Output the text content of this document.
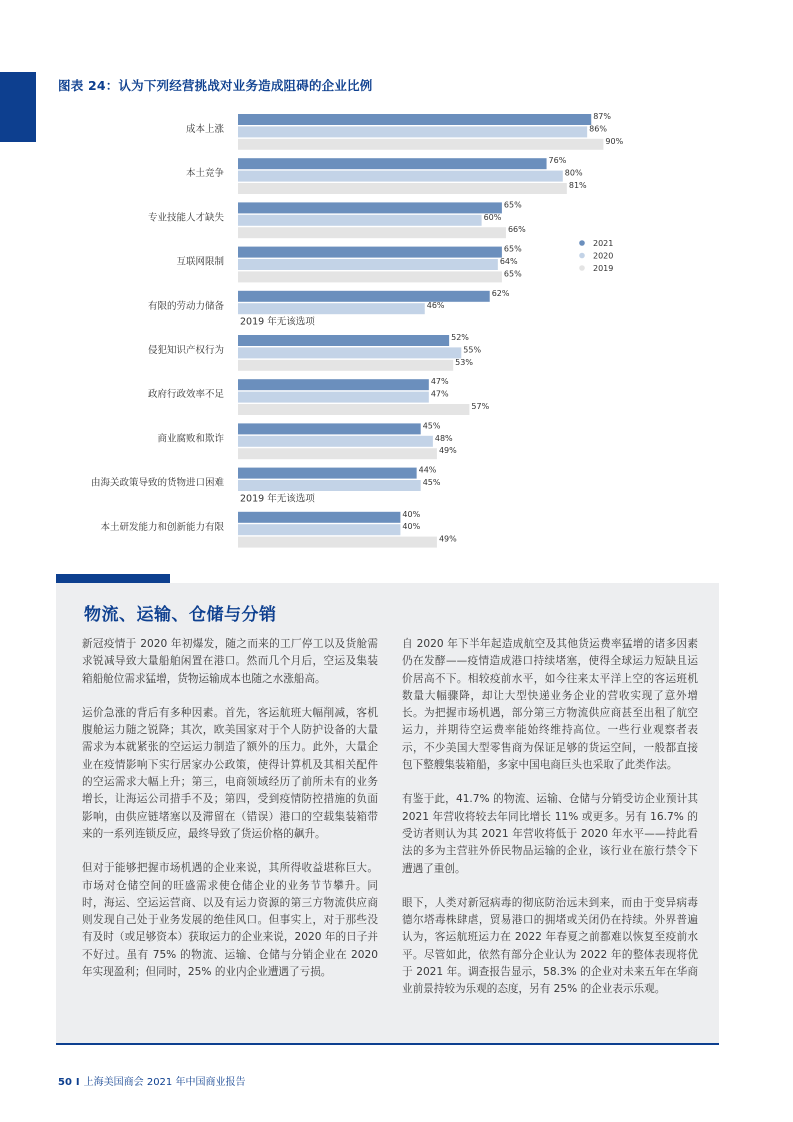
图表 24：认为下列经营挑战对业务造成阻碍的企业比例
成本上涨
87%
86%
90%
本土竞争
76%
80%
81%
专业技能人才缺失
65%
60%
66%
互联网限制
65%
64%
65%
有限的劳动力储备
62%
46%
2019 年无该选项
侵犯知识产权行为
52%
55%
53%
政府行政效率不足
47%
47%
57%
商业腐败和欺诈
45%
48%
49%
由海关政策导致的货物进口困难
44%
45%
2019 年无该选项
本土研发能力和创新能力有限
40%
40%
49%
2021
2020
2019
物流、运输、仓储与分销

新冠疫情于 2020 年初爆发，随之而来的工厂停工以及货舱需求锐减导致大量船舶闲置在港口。然而几个月后，空运及集装箱船舱位需求猛增，货物运输成本也随之水涨船高。

运价急涨的背后有多种因素。首先，客运航班大幅削减，客机腹舱运力随之锐降；其次，欧美国家对于个人防护设备的大量需求为本就紧张的空运运力制造了额外的压力。此外，大量企业在疫情影响下实行居家办公政策，使得计算机及其相关配件的空运需求大幅上升；第三，电商领域经历了前所未有的业务增长，让海运公司措手不及；第四，受到疫情防控措施的负面影响，由供应链堵塞以及滞留在（错误）港口的空载集装箱带来的一系列连锁反应，最终导致了货运价格的飙升。

但对于能够把握市场机遇的企业来说，其所得收益堪称巨大。市场对仓储空间的旺盛需求使仓储企业的业务节节攀升。同时，海运、空运运营商、以及有运力资源的第三方物流供应商则发现自己处于业务发展的绝佳风口。但事实上，对于那些没有及时（或足够资本）获取运力的企业来说，2020 年的日子并不好过。虽有 75% 的物流、运输、仓储与分销企业在 2020 年实现盈利；但同时，25% 的业内企业遭遇了亏损。

自 2020 年下半年起造成航空及其他货运费率猛增的诸多因素仍在发酵——疫情造成港口持续堵塞，使得全球运力短缺且运价居高不下。相较疫前水平，如今往来太平洋上空的客运班机数量大幅骤降，却让大型快递业务企业的营收实现了意外增长。为把握市场机遇，部分第三方物流供应商甚至出租了航空运力，并期待空运费率能始终维持高位。一些行业观察者表示，不少美国大型零售商为保证足够的货运空间，一般都直接包下整艘集装箱船，多家中国电商巨头也采取了此类作法。

有鉴于此，41.7% 的物流、运输、仓储与分销受访企业预计其 2021 年营收将较去年同比增长 11% 或更多。另有 16.7% 的受访者则认为其 2021 年营收将低于 2020 年水平——持此看法的多为主营驻外侨民物品运输的企业，该行业在旅行禁令下遭遇了重创。

眼下，人类对新冠病毒的彻底防治远未到来，而由于变异病毒德尔塔毒株肆虐，贸易港口的拥堵或关闭仍在持续。外界普遍认为，客运航班运力在 2022 年春夏之前都难以恢复至疫前水平。尽管如此，依然有部分企业认为 2022 年的整体表现将优于 2021 年。调查报告显示，58.3% 的企业对未来五年在华商业前景持较为乐观的态度，另有 25% 的企业表示乐观。

50 I 上海美国商会 2021 年中国商业报告
